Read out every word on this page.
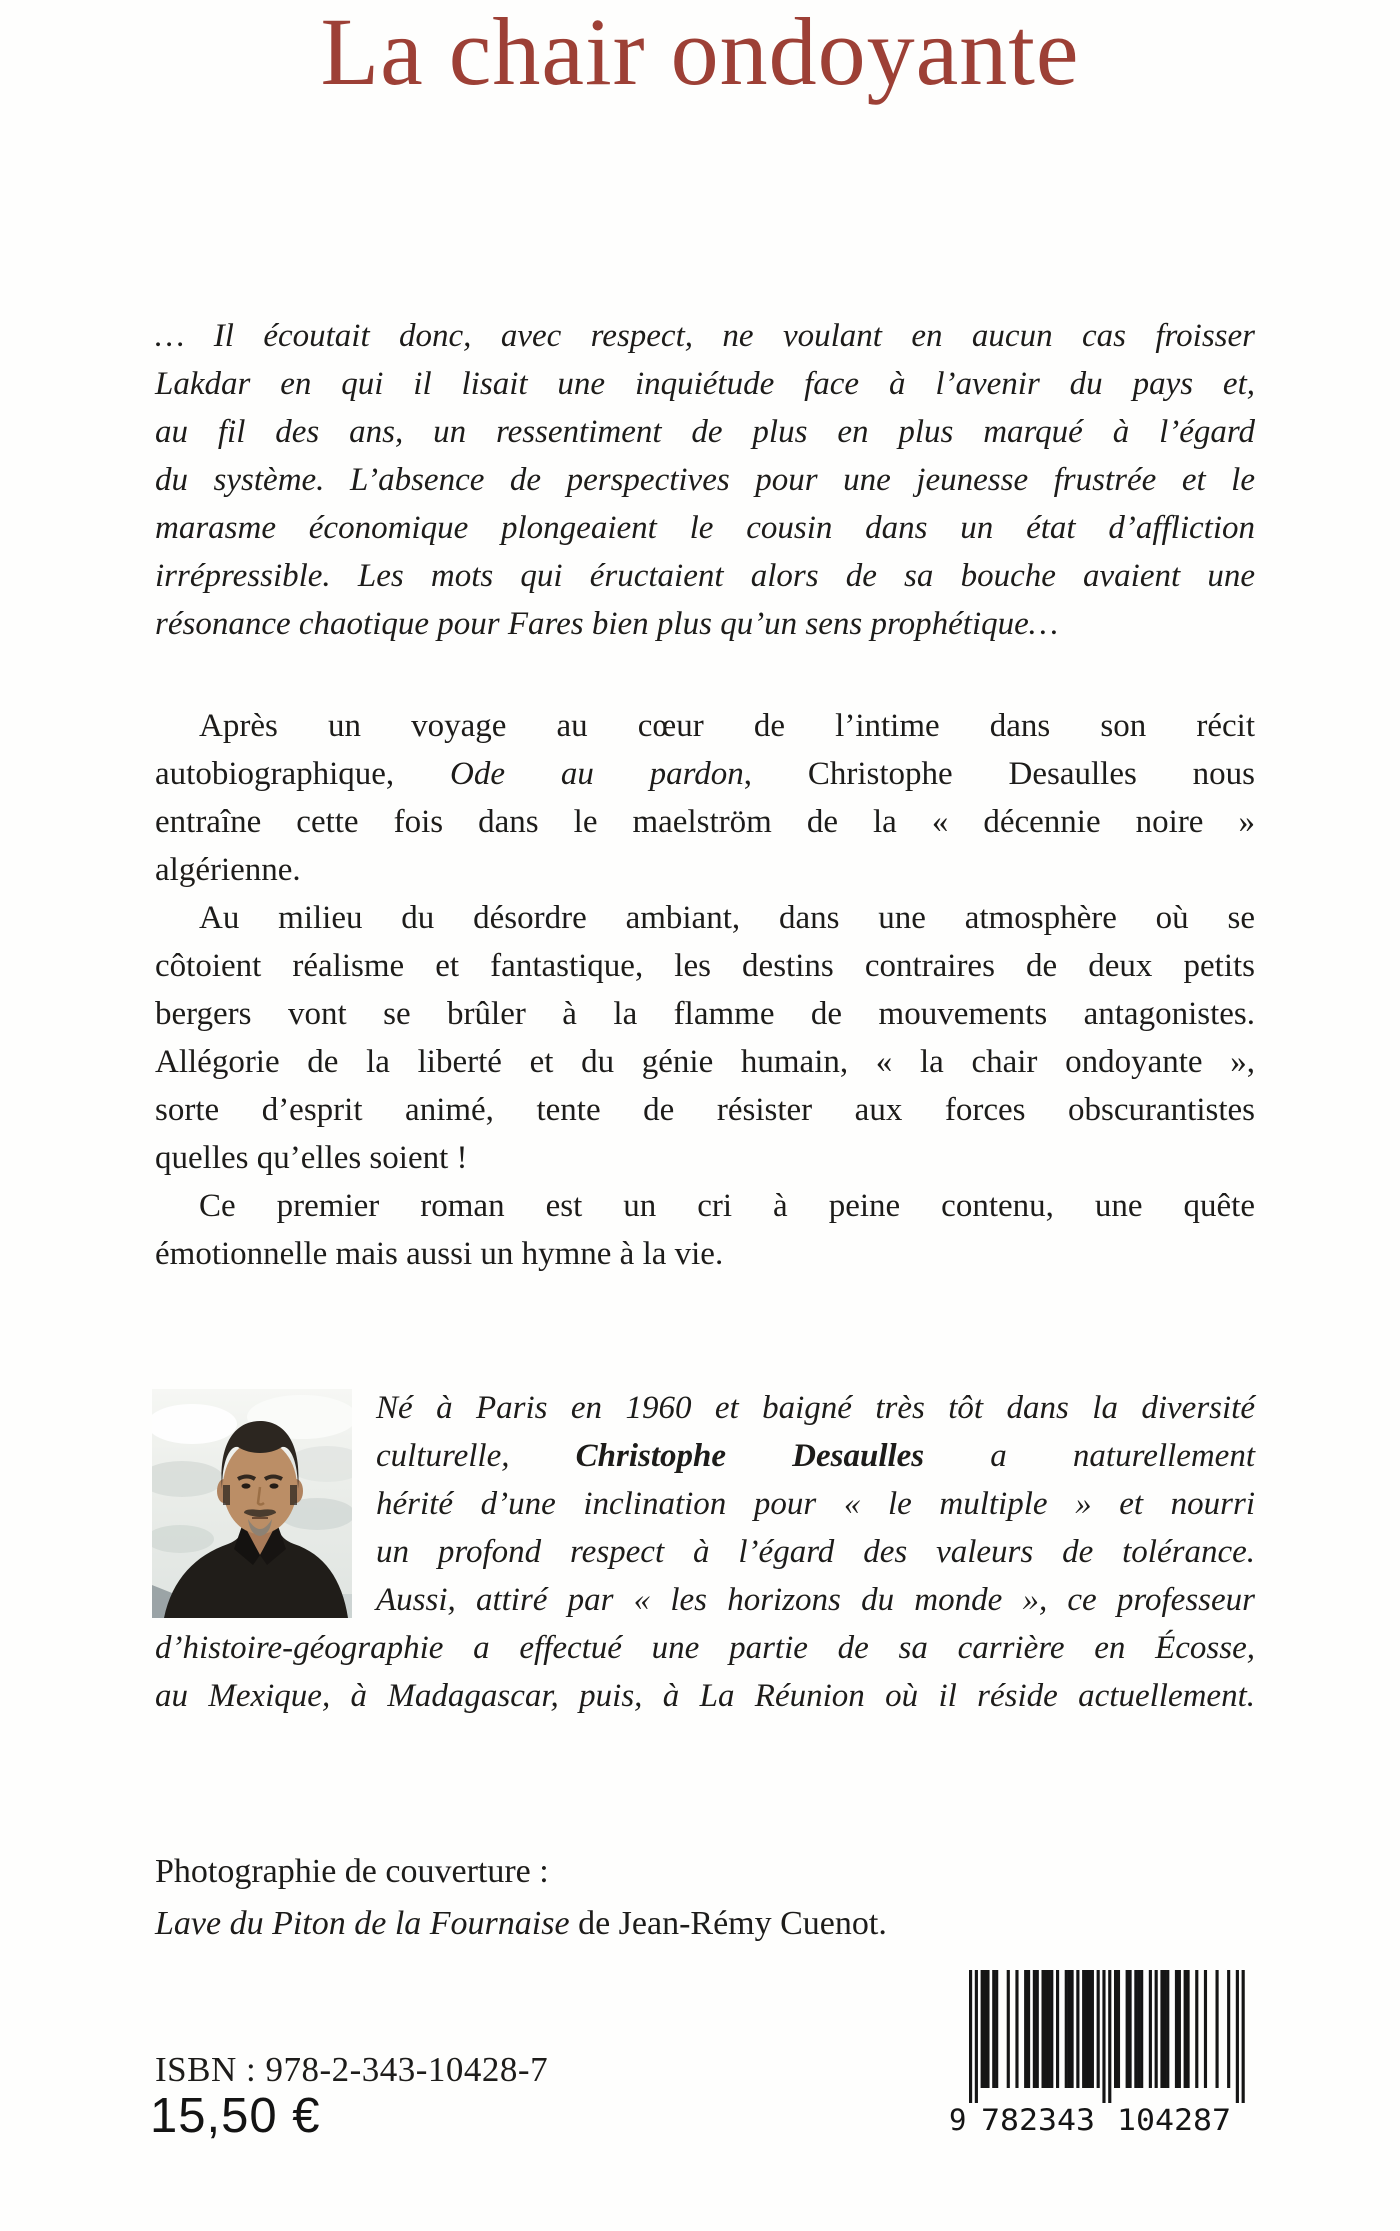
La chair ondoyante
… Il écoutait donc, avec respect, ne voulant en aucun cas froisser
Lakdar en qui il lisait une inquiétude face à l’avenir du pays et,
au fil des ans, un ressentiment de plus en plus marqué à l’égard
du système. L’absence de perspectives pour une jeunesse frustrée et le
marasme économique plongeaient le cousin dans un état d’affliction
irrépressible. Les mots qui éructaient alors de sa bouche avaient une
résonance chaotique pour Fares bien plus qu’un sens prophétique…
Après un voyage au cœur de l’intime dans son récit
autobiographique, Ode au pardon, Christophe Desaulles nous
entraîne cette fois dans le maelström de la « décennie noire »
algérienne.
Au milieu du désordre ambiant, dans une atmosphère où se
côtoient réalisme et fantastique, les destins contraires de deux petits
bergers vont se brûler à la flamme de mouvements antagonistes.
Allégorie de la liberté et du génie humain, « la chair ondoyante »,
sorte d’esprit animé, tente de résister aux forces obscurantistes
quelles qu’elles soient !
Ce premier roman est un cri à peine contenu, une quête
émotionnelle mais aussi un hymne à la vie.
Né à Paris en 1960 et baigné très tôt dans la diversité
culturelle, Christophe Desaulles a naturellement
hérité d’une inclination pour « le multiple » et nourri
un profond respect à l’égard des valeurs de tolérance.
Aussi, attiré par « les horizons du monde », ce professeur
d’histoire-géographie a effectué une partie de sa carrière en Écosse,
au Mexique, à Madagascar, puis, à La Réunion où il réside actuellement.
Photographie de couverture :
Lave du Piton de la Fournaise de Jean-Rémy Cuenot.
ISBN : 978-2-343-10428-7
15,50 €	9 782343 104287
